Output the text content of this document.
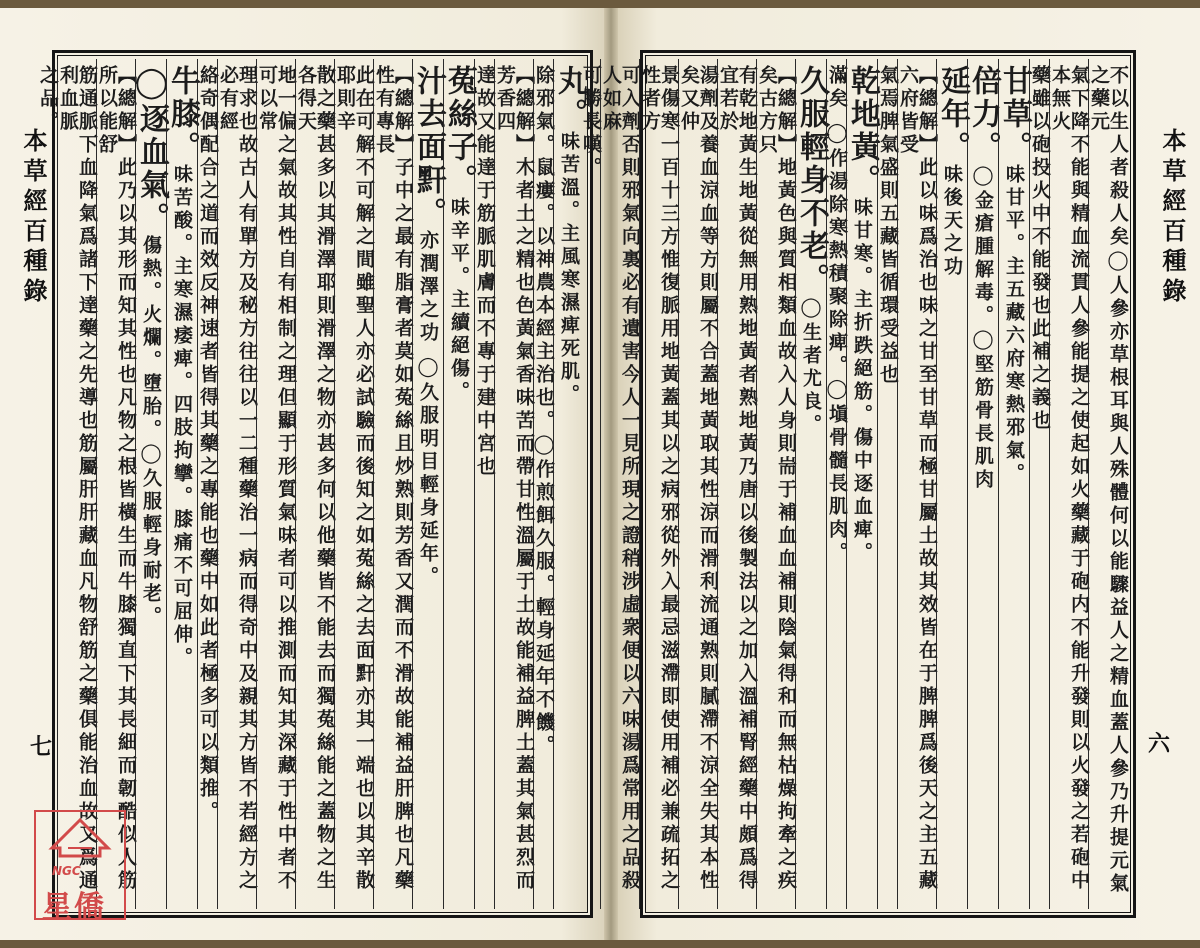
本草經百種錄
七
丸。味苦溫。主風寒濕痺死肌。
除邪氣。鼠瘻。以神農本經主治也。◯作煎餌久服。輕身延年不饑。
【總解】木者土之精也色黃氣香味苦而帶甘性溫屬于土故能補益脾土蓋其氣甚烈而芳香四
達故又能達于筋脈肌膚而不專于建中宮也
菟絲子。味辛平。主續絕傷。
汁去面䵟。亦潤澤之功 ◯久服明目輕身延年。
【總解】子中之最有脂膏者莫如菟絲且炒熟則芳香又潤而不滑故能補益肝脾也凡藥性有專長
此在可解不可解之間雖聖人亦必試驗而後知之如菟絲之去面䵟亦其一端也以其辛散耶則辛
散之藥甚多以其滑澤耶則滑澤之物亦甚多何以他藥皆不能去而獨菟絲能之蓋物之生各得天
地一偏之氣故其性自有相制之理但顯于形質氣味者可以推測而知其深藏于性中者不可以常
理求也故古人有單方及秘方往往以一二種藥治一病而得奇中及親其方皆不若經方之必有經
絡奇偶配合之道而效反神速者皆得其藥之專能也藥中如此者極多可以類推。
牛膝。味苦酸。主寒濕痿痺。四肢拘攣。膝痛不可屈伸。
◯逐血氣。傷熱。火爛。墮胎。◯久服輕身耐老。
【總解】此乃以其形而知其性也凡物之根皆橫生而牛膝獨直下其長細而韌酷似人筋所以能舒
筋通脈下血降氣爲諸下達藥之先導也筋屬肝肝藏血凡物舒筋之藥俱能治血故又爲通利血脈
之品。
本草經百種錄
六
不以生人者殺人矣◯人參亦草根耳與人殊體何以能驟益人之精血蓋人參乃升提元氣之藥元
氣下降不能與精血流貫人參能提之使起如火藥藏于砲内不能升發則以火發之若砲中本無火
藥雖以砲投火中不能發也此補之義也
甘草。味甘平。主五藏六府寒熱邪氣。
倍力。◯金瘡腫解毒。◯堅筋骨長肌肉
延年。味後天之功
【總解】此以味爲治也味之甘至甘草而極甘屬土故其效皆在于脾脾爲後天之主五藏六府皆受
氣焉脾氣盛則五藏皆循環受益也
乾地黃。味甘寒。主折跌絕筋。傷中逐血痺。
滿矣 ◯作湯除寒熱積聚除痺。◯塡骨髓長肌肉。
久服輕身不老。◯生者尤良。
【總解】地黃色與質相類血故入人身則耑于補血血補則陰氣得和而無枯燥拘牽之疾矣古方只
有乾地黃生地黃從無用熟地黃者熟地黃乃唐以後製法以之加入溫補腎經藥中頗爲得宜若於
湯劑及養血涼血等方則屬不合蓋地黃取其性涼而滑利流通熟則膩滯不涼全失其本性矣又仲
景傷寒一百十三方惟復脈用地黃蓋其以之病邪從外入最忌滋滯即使用補必兼疏拓之性者方
可入劑否則邪氣向裏必有遺害今人一見所現之證稍涉虛衆便以六味湯爲常用之品殺人如麻
可勝長嘆。
NGC
星僑
